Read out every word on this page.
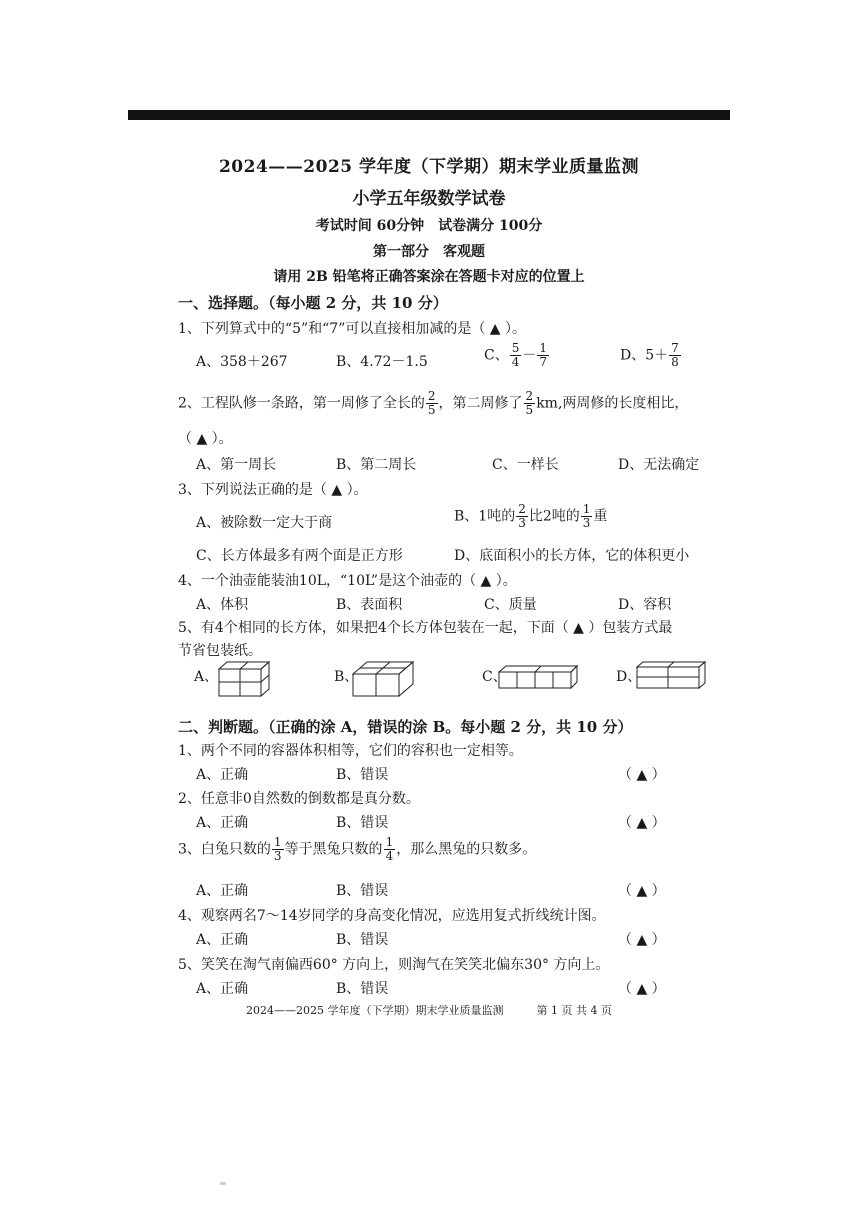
2024——2025 学年度（下学期）期末学业质量监测
小学五年级数学试卷
考试时间 60分钟　试卷满分 100分
第一部分　客观题
请用 2B 铅笔将正确答案涂在答题卡对应的位置上
一、选择题。（每小题 2 分，共 10 分）
1、下列算式中的“5”和“7”可以直接相加减的是（ ▲ ）。
A、358＋267	B、4.72－1.5	C、 $\frac{5}{4} - \frac{1}{7}$	D、$5+ \frac{7}{8}$
2、工程队修一条路，第一周修了全长的 $\frac{2}{5}$ ，第二周修了 $\frac{2}{5}$ km,两周修的长度相比，
（ ▲ ）。
A、第一周长	B、第二周长	C、一样长	D、无法确定
3、下列说法正确的是（ ▲ ）。
A、被除数一定大于商	B、1吨的 $\frac{2}{3}$ 比2吨的 $\frac{1}{3}$ 重
C、长方体最多有两个面是正方形	D、底面积小的长方体，它的体积更小
4、一个油壶能装油10L，“10L”是这个油壶的（ ▲ ）。
A、体积	B、表面积	C、质量	D、容积
5、有4个相同的长方体，如果把4个长方体包装在一起，下面（ ▲ ）包装方式最
节省包装纸。
A、	B、	C、	D、
二、判断题。（正确的涂 A，错误的涂 B。每小题 2 分，共 10 分）
1、两个不同的容器体积相等，它们的容积也一定相等。
A、正确	B、错误	（ ▲ ）
2、任意非0自然数的倒数都是真分数。
A、正确	B、错误	（ ▲ ）
3、白兔只数的 $\frac{1}{3}$ 等于黑兔只数的 $\frac{1}{4}$ ，那么黑兔的只数多。
A、正确	B、错误	（ ▲ ）
4、观察两名7～14岁同学的身高变化情况，应选用复式折线统计图。
A、正确	B、错误	（ ▲ ）
5、笑笑在淘气南偏西60° 方向上，则淘气在笑笑北偏东30° 方向上。
A、正确	B、错误	（ ▲ ）
2024——2025 学年度（下学期）期末学业质量监测　　　第 1 页 共 4 页
